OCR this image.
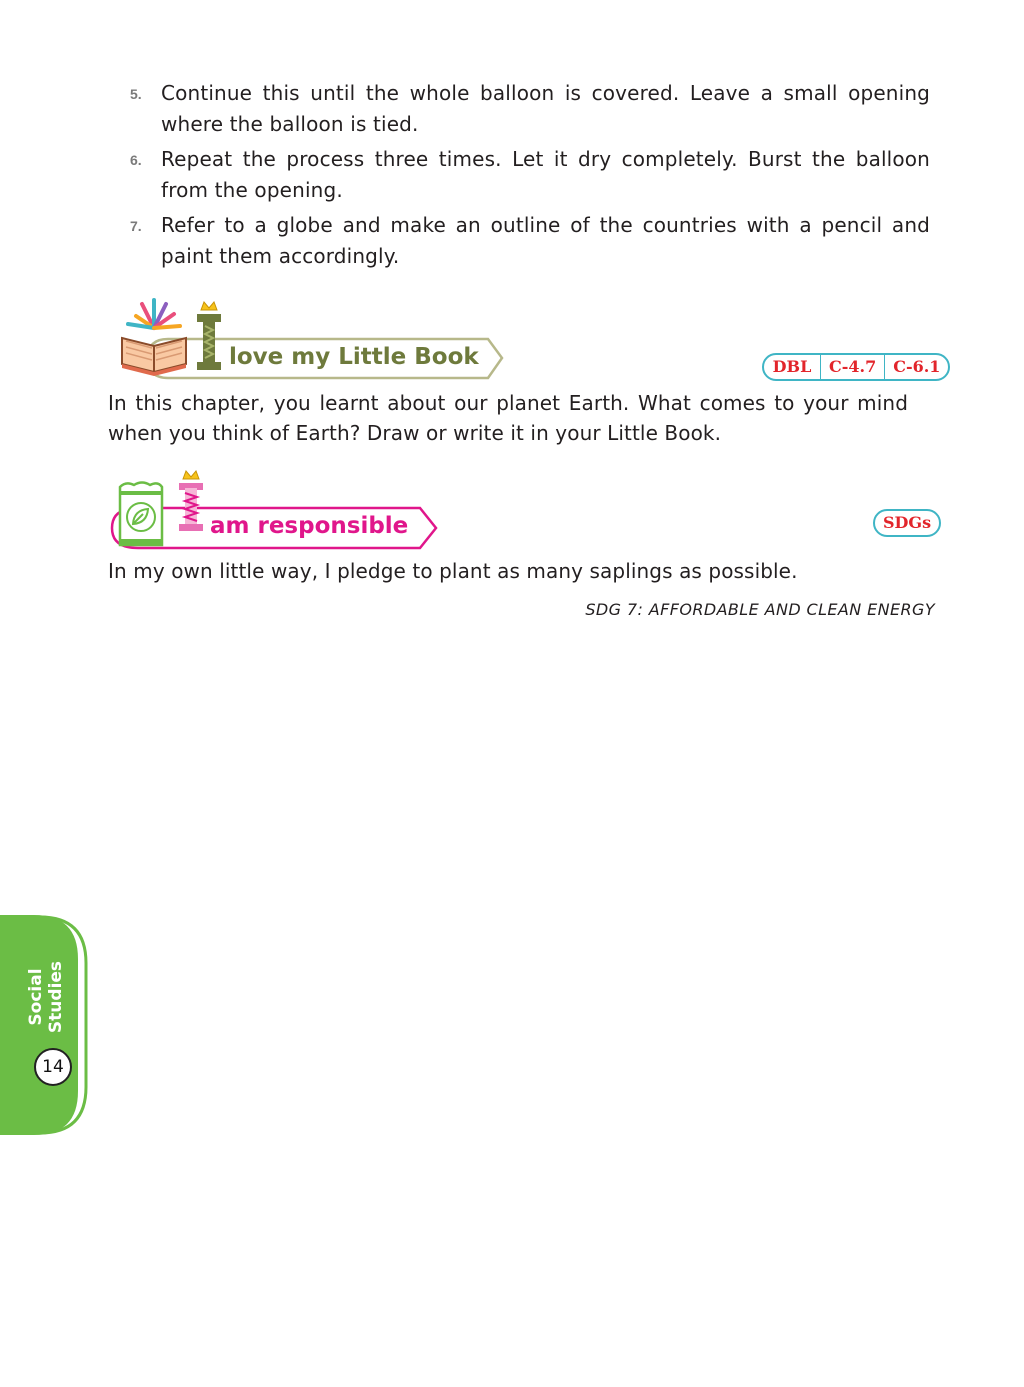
5. Continue this until the whole balloon is covered. Leave a small opening where the balloon is tied.
6. Repeat the process three times. Let it dry completely. Burst the balloon from the opening.
7. Refer to a globe and make an outline of the countries with a pencil and paint them accordingly.
love my Little Book	DBL	C-4.7	C-6.1

In this chapter, you learnt about our planet Earth. What comes to your mind when you think of Earth? Draw or write it in your Little Book.

am responsible	SDGs

In my own little way, I pledge to plant as many saplings as possible.

SDG 7: AFFORDABLE AND CLEAN ENERGY
Social
Studies
14
